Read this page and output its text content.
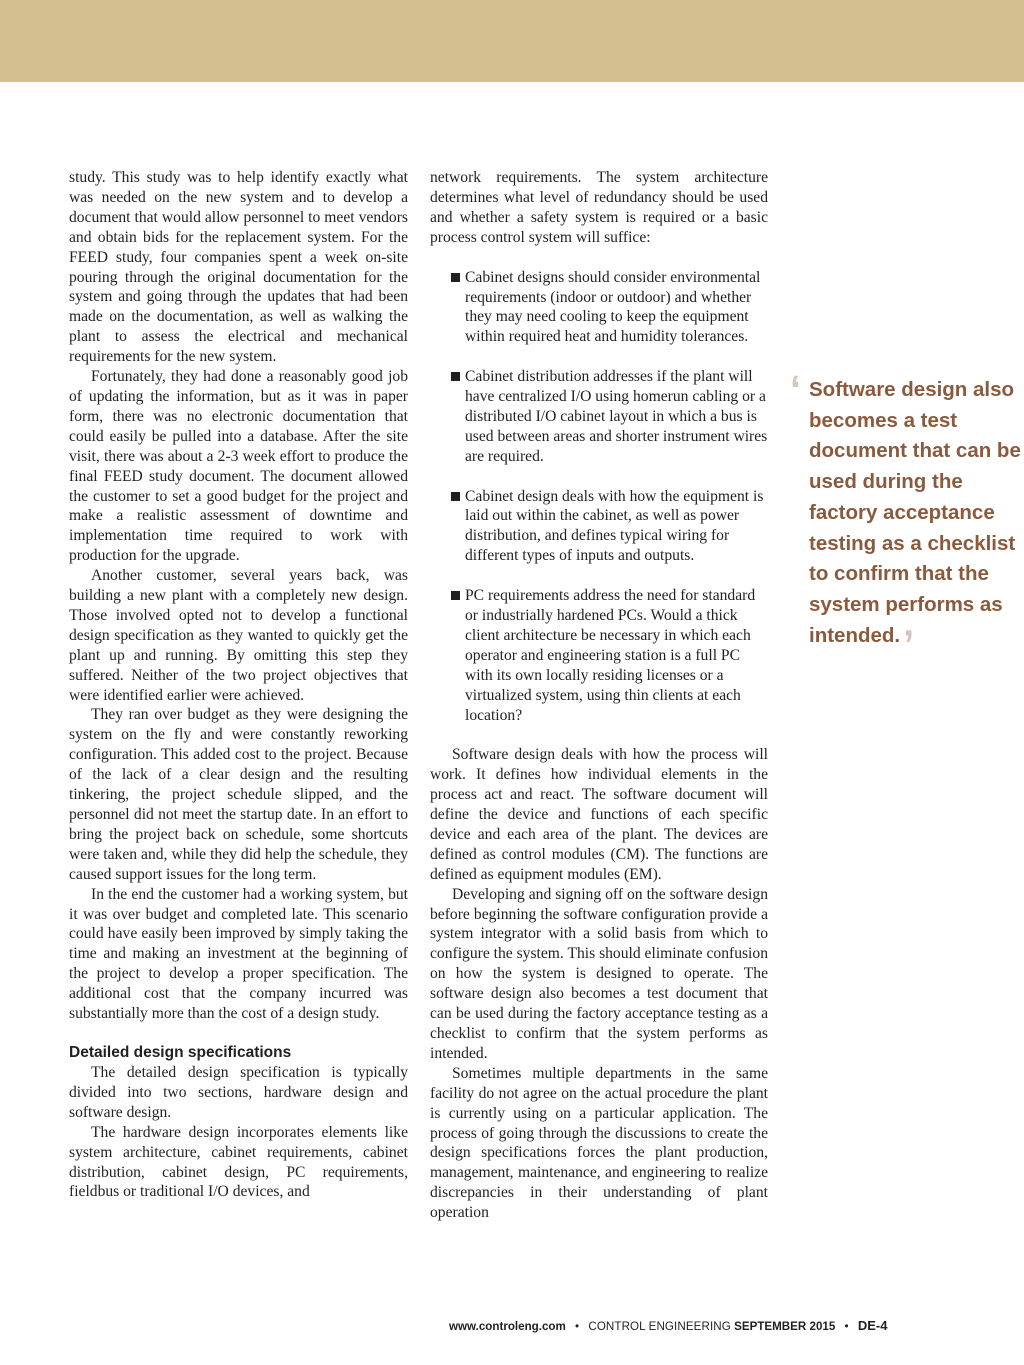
study. This study was to help identify exactly what was needed on the new system and to develop a document that would allow personnel to meet vendors and obtain bids for the replacement system. For the FEED study, four companies spent a week on-site pouring through the original documentation for the system and going through the updates that had been made on the documentation, as well as walking the plant to assess the electrical and mechanical requirements for the new system.

Fortunately, they had done a reasonably good job of updating the information, but as it was in paper form, there was no electronic documentation that could easily be pulled into a database. After the site visit, there was about a 2-3 week effort to produce the final FEED study document. The document allowed the customer to set a good budget for the project and make a realistic assessment of downtime and implementation time required to work with production for the upgrade.

Another customer, several years back, was building a new plant with a completely new design. Those involved opted not to develop a functional design specification as they wanted to quickly get the plant up and running. By omitting this step they suffered. Neither of the two project objectives that were identified earlier were achieved.

They ran over budget as they were designing the system on the fly and were constantly reworking configuration. This added cost to the project. Because of the lack of a clear design and the resulting tinkering, the project schedule slipped, and the personnel did not meet the startup date. In an effort to bring the project back on schedule, some shortcuts were taken and, while they did help the schedule, they caused support issues for the long term.

In the end the customer had a working system, but it was over budget and completed late. This scenario could have easily been improved by simply taking the time and making an investment at the beginning of the project to develop a proper specification. The additional cost that the company incurred was substantially more than the cost of a design study.

Detailed design specifications

The detailed design specification is typically divided into two sections, hardware design and software design.

The hardware design incorporates elements like system architecture, cabinet requirements, cabinet distribution, cabinet design, PC requirements, fieldbus or traditional I/O devices, and

network requirements. The system architecture determines what level of redundancy should be used and whether a safety system is required or a basic process control system will suffice:

Cabinet designs should consider environmental requirements (indoor or outdoor) and whether they may need cooling to keep the equipment within required heat and humidity tolerances.
Cabinet distribution addresses if the plant will have centralized I/O using homerun cabling or a distributed I/O cabinet layout in which a bus is used between areas and shorter instrument wires are required.
Cabinet design deals with how the equipment is laid out within the cabinet, as well as power distribution, and defines typical wiring for different types of inputs and outputs.
PC requirements address the need for standard or industrially hardened PCs. Would a thick client architecture be necessary in which each operator and engineering station is a full PC with its own locally residing licenses or a virtualized system, using thin clients at each location?

Software design deals with how the process will work. It defines how individual elements in the process act and react. The software document will define the device and functions of each specific device and each area of the plant. The devices are defined as control modules (CM). The functions are defined as equipment modules (EM).

Developing and signing off on the software design before beginning the software configuration provide a system integrator with a solid basis from which to configure the system. This should eliminate confusion on how the system is designed to operate. The software design also becomes a test document that can be used during the factory acceptance testing as a checklist to confirm that the system performs as intended.

Sometimes multiple departments in the same facility do not agree on the actual procedure the plant is currently using on a particular application. The process of going through the discussions to create the design specifications forces the plant production, management, maintenance, and engineering to realize discrepancies in their understanding of plant operation

‘ Software design also becomes a test document that can be used during the factory acceptance testing as a checklist to confirm that the system performs as intended.’
www.controleng.com • CONTROL ENGINEERING SEPTEMBER 2015 • DE-4
